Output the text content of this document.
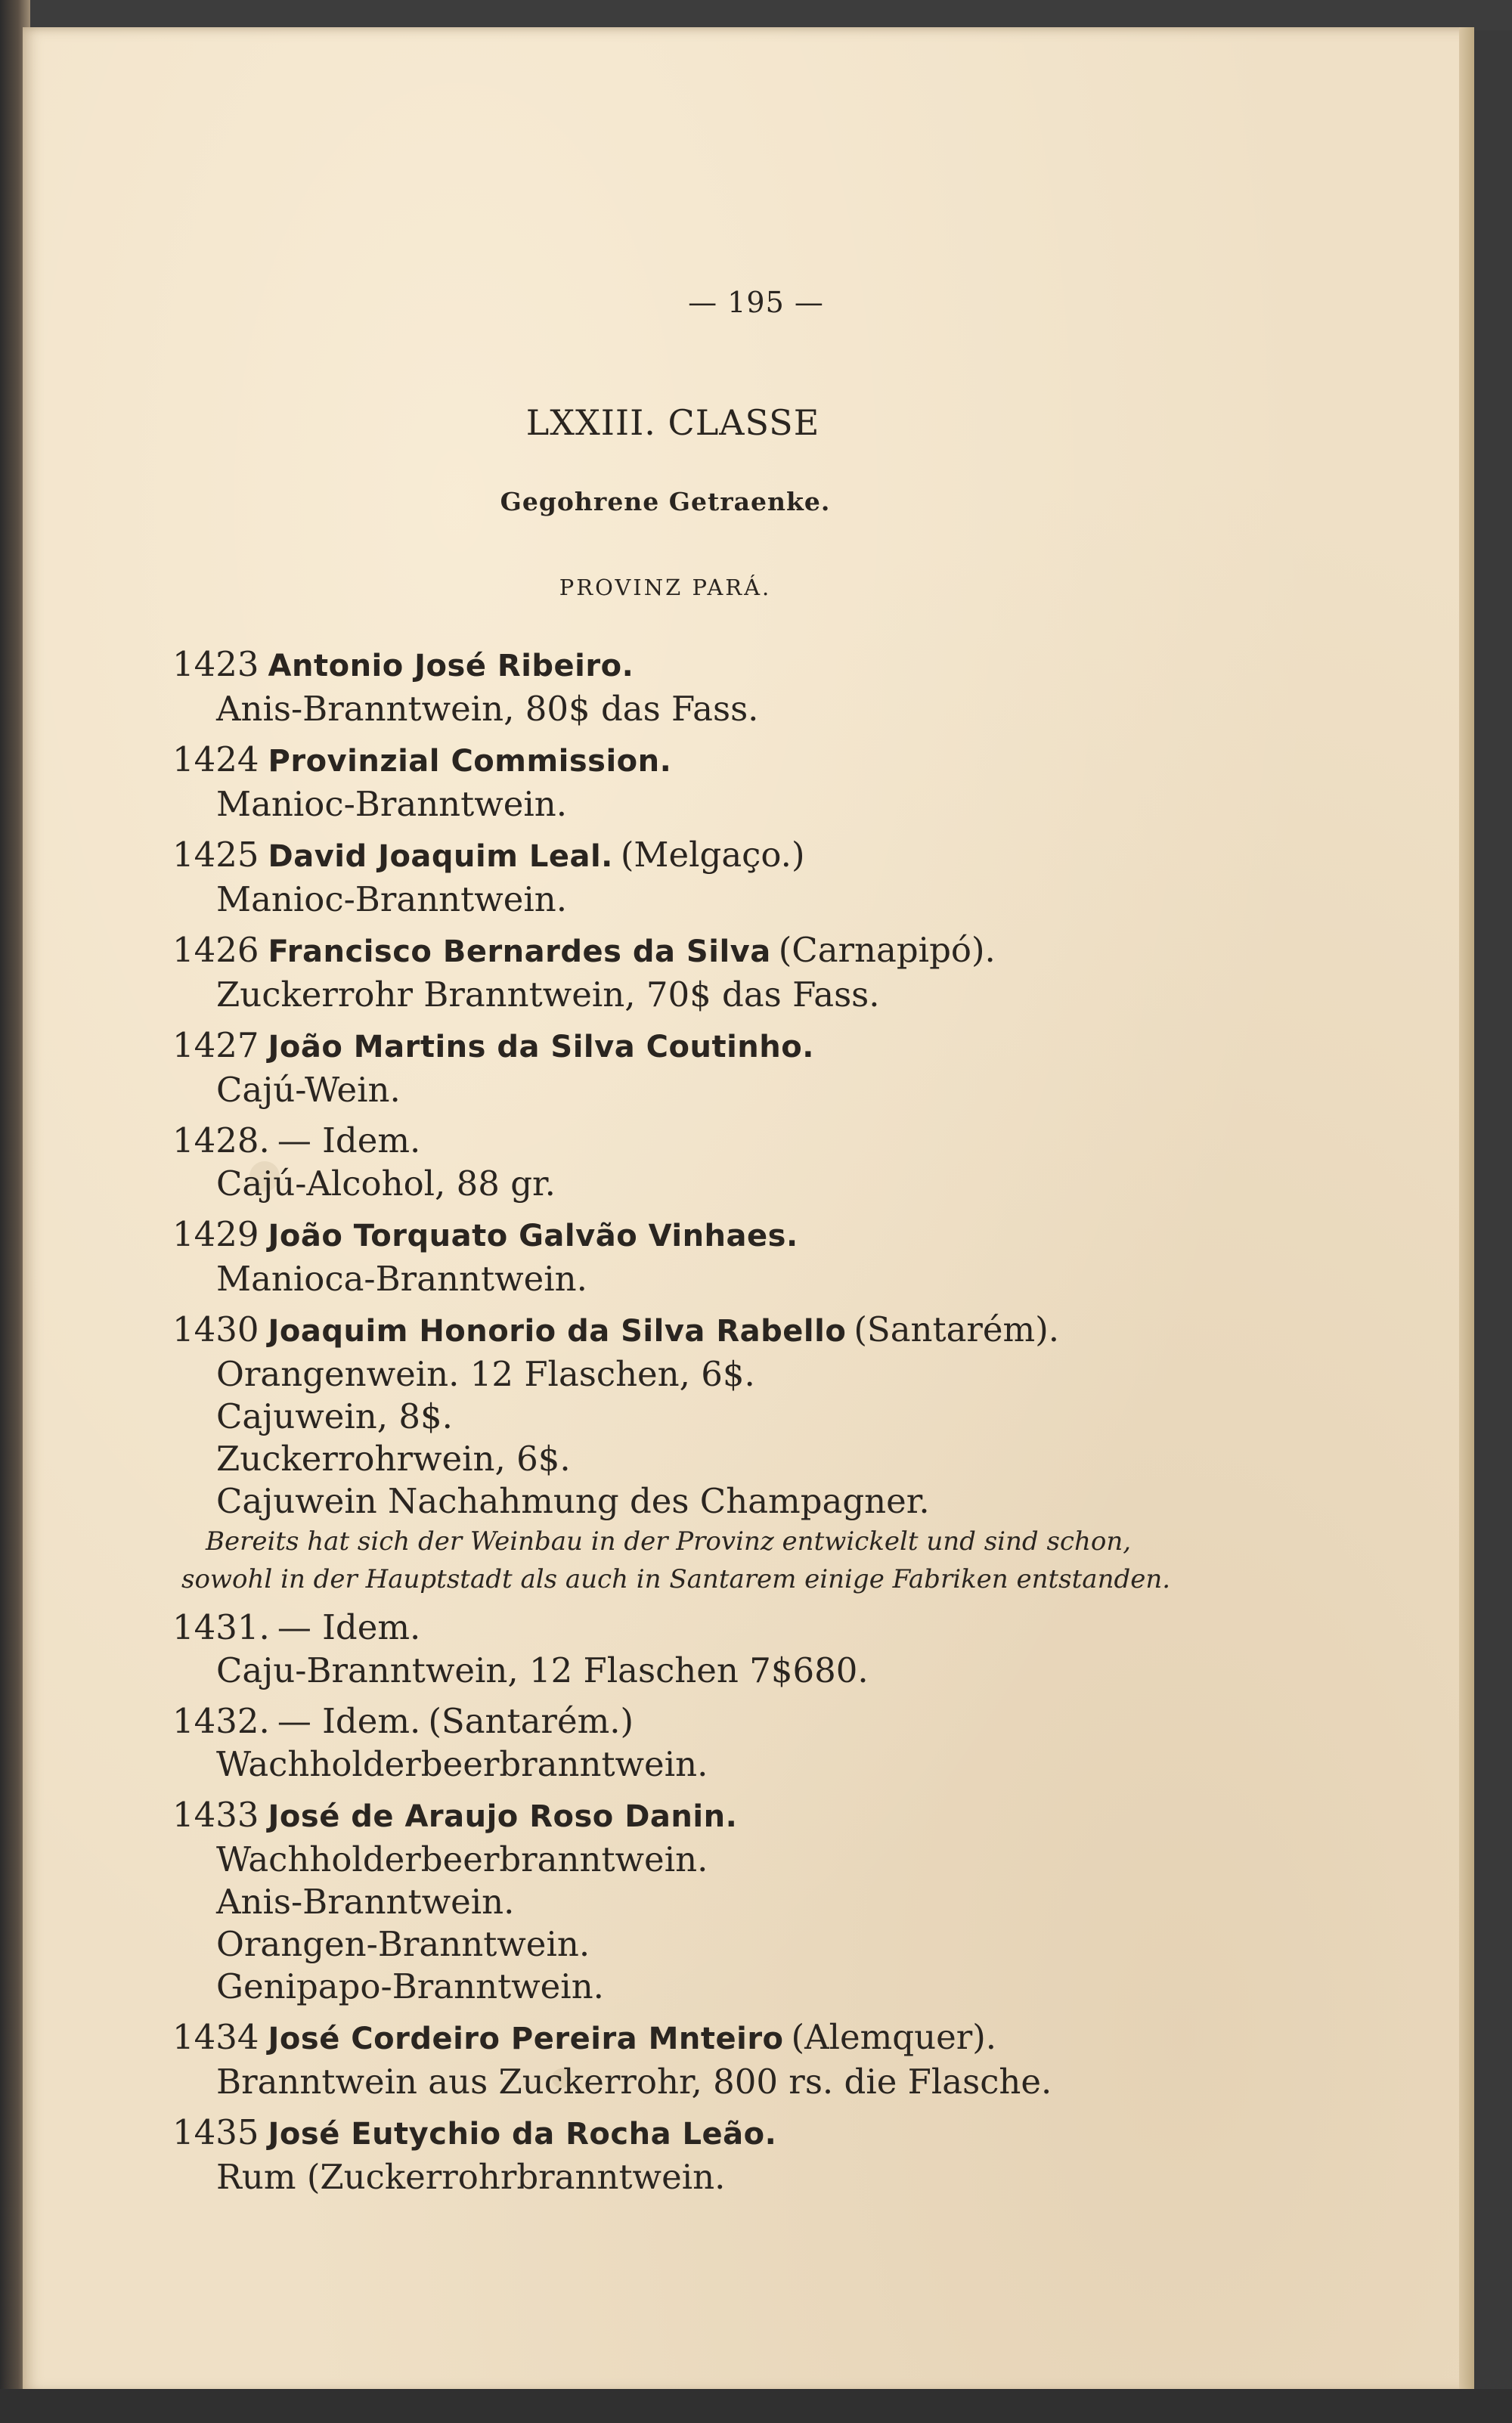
— 195 —
LXXIII. CLASSE
Gegohrene Getraenke.
PROVINZ PARÁ.
1423 Antonio José Ribeiro.
Anis-Branntwein, 80$ das Fass.
1424 Provinzial Commission.
Manioc-Branntwein.
1425 David Joaquim Leal. (Melgaço.)
Manioc-Branntwein.
1426 Francisco Bernardes da Silva (Carnapipó).
Zuckerrohr Branntwein, 70$ das Fass.
1427 João Martins da Silva Coutinho.
Cajú-Wein.
1428. — Idem.
Cajú-Alcohol, 88 gr.
1429 João Torquato Galvão Vinhaes.
Manioca-Branntwein.
1430 Joaquim Honorio da Silva Rabello (Santarém).
Orangenwein. 12 Flaschen, 6$.
Cajuwein, 8$.
Zuckerrohrwein, 6$.
Cajuwein Nachahmung des Champagner.
Bereits hat sich der Weinbau in der Provinz entwickelt und sind schon,
sowohl in der Hauptstadt als auch in Santarem einige Fabriken entstanden.
1431. — Idem.
Caju-Branntwein, 12 Flaschen 7$680.
1432. — Idem. (Santarém.)
Wachholderbeerbranntwein.
1433 José de Araujo Roso Danin.
Wachholderbeerbranntwein.
Anis-Branntwein.
Orangen-Branntwein.
Genipapo-Branntwein.
1434 José Cordeiro Pereira Mnteiro (Alemquer).
Branntwein aus Zuckerrohr, 800 rs. die Flasche.
1435 José Eutychio da Rocha Leão.
Rum (Zuckerrohrbranntwein.
